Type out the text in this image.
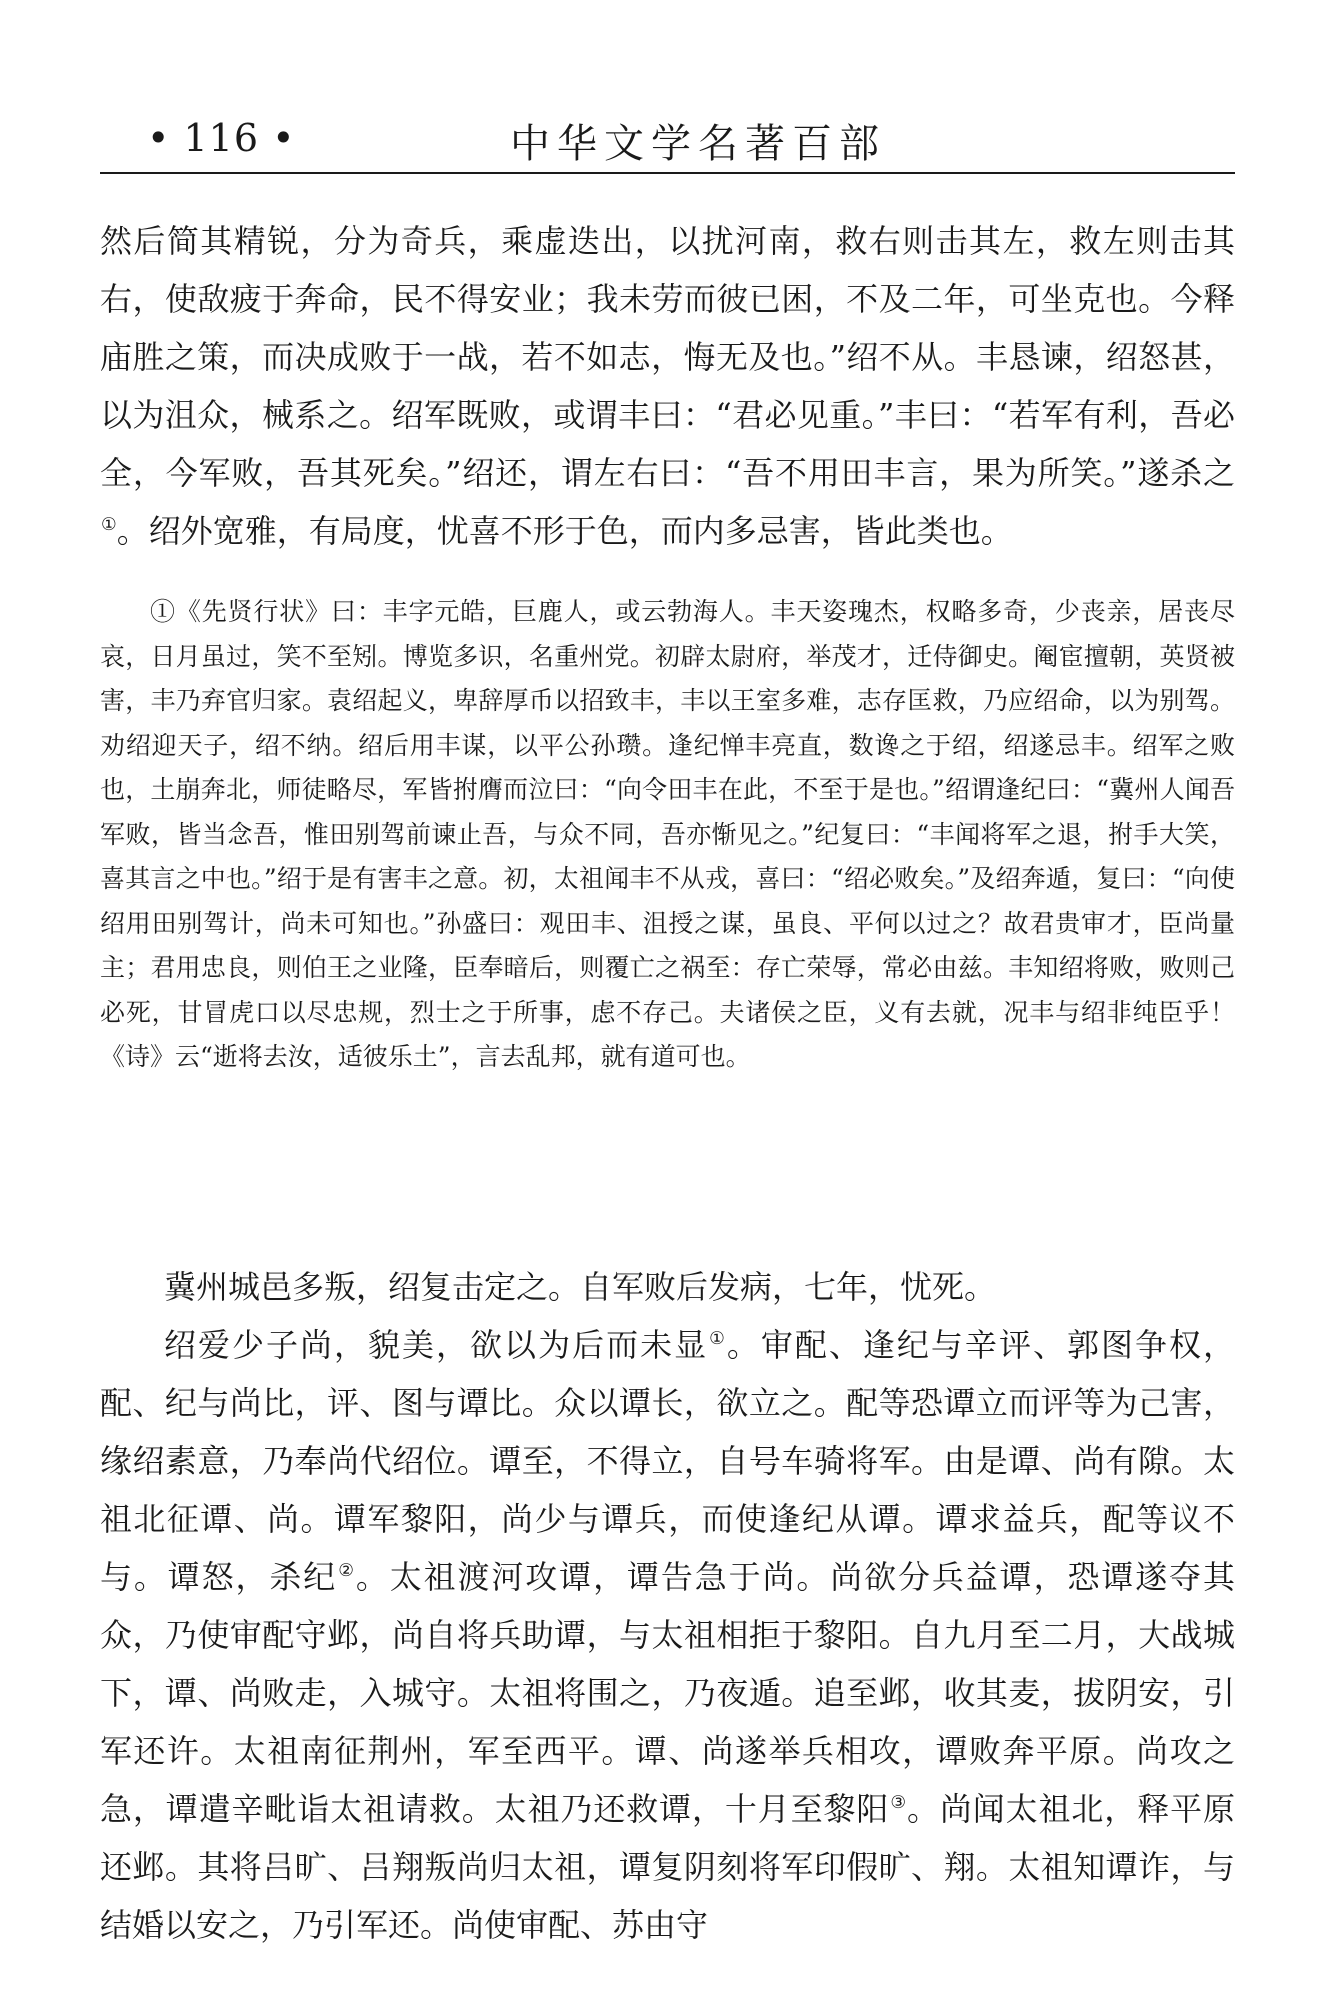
• 116 •	中华文学名著百部

然后简其精锐，分为奇兵，乘虚迭出，以扰河南，救右则击其左，救左则击其右，使敌疲于奔命，民不得安业；我未劳而彼已困，不及二年，可坐克也。今释庙胜之策，而决成败于一战，若不如志，悔无及也。”绍不从。丰恳谏，绍怒甚，以为沮众，械系之。绍军既败，或谓丰曰：“君必见重。”丰曰：“若军有利，吾必全，今军败，吾其死矣。”绍还，谓左右曰：“吾不用田丰言，果为所笑。”遂杀之①。绍外宽雅，有局度，忧喜不形于色，而内多忌害，皆此类也。

①《先贤行状》曰：丰字元皓，巨鹿人，或云勃海人。丰天姿瑰杰，权略多奇，少丧亲，居丧尽哀，日月虽过，笑不至矧。博览多识，名重州党。初辟太尉府，举茂才，迁侍御史。阉宦擅朝，英贤被害，丰乃弃官归家。袁绍起义，卑辞厚币以招致丰，丰以王室多难，志存匡救，乃应绍命，以为别驾。劝绍迎天子，绍不纳。绍后用丰谋，以平公孙瓒。逢纪惮丰亮直，数谗之于绍，绍遂忌丰。绍军之败也，土崩奔北，师徒略尽，军皆拊膺而泣曰：“向令田丰在此，不至于是也。”绍谓逢纪曰：“冀州人闻吾军败，皆当念吾，惟田别驾前谏止吾，与众不同，吾亦惭见之。”纪复曰：“丰闻将军之退，拊手大笑，喜其言之中也。”绍于是有害丰之意。初，太祖闻丰不从戎，喜曰：“绍必败矣。”及绍奔遁，复曰：“向使绍用田别驾计，尚未可知也。”孙盛曰：观田丰、沮授之谋，虽良、平何以过之？故君贵审才，臣尚量主；君用忠良，则伯王之业隆，臣奉暗后，则覆亡之祸至：存亡荣辱，常必由兹。丰知绍将败，败则己必死，甘冒虎口以尽忠规，烈士之于所事，虑不存己。夫诸侯之臣，义有去就，况丰与绍非纯臣乎！《诗》云“逝将去汝，适彼乐土”，言去乱邦，就有道可也。

冀州城邑多叛，绍复击定之。自军败后发病，七年，忧死。

绍爱少子尚，貌美，欲以为后而未显①。审配、逢纪与辛评、郭图争权，配、纪与尚比，评、图与谭比。众以谭长，欲立之。配等恐谭立而评等为己害，缘绍素意，乃奉尚代绍位。谭至，不得立，自号车骑将军。由是谭、尚有隙。太祖北征谭、尚。谭军黎阳，尚少与谭兵，而使逢纪从谭。谭求益兵，配等议不与。谭怒，杀纪②。太祖渡河攻谭，谭告急于尚。尚欲分兵益谭，恐谭遂夺其众，乃使审配守邺，尚自将兵助谭，与太祖相拒于黎阳。自九月至二月，大战城下，谭、尚败走，入城守。太祖将围之，乃夜遁。追至邺，收其麦，拔阴安，引军还许。太祖南征荆州，军至西平。谭、尚遂举兵相攻，谭败奔平原。尚攻之急，谭遣辛毗诣太祖请救。太祖乃还救谭，十月至黎阳③。尚闻太祖北，释平原还邺。其将吕旷、吕翔叛尚归太祖，谭复阴刻将军印假旷、翔。太祖知谭诈，与结婚以安之，乃引军还。尚使审配、苏由守
